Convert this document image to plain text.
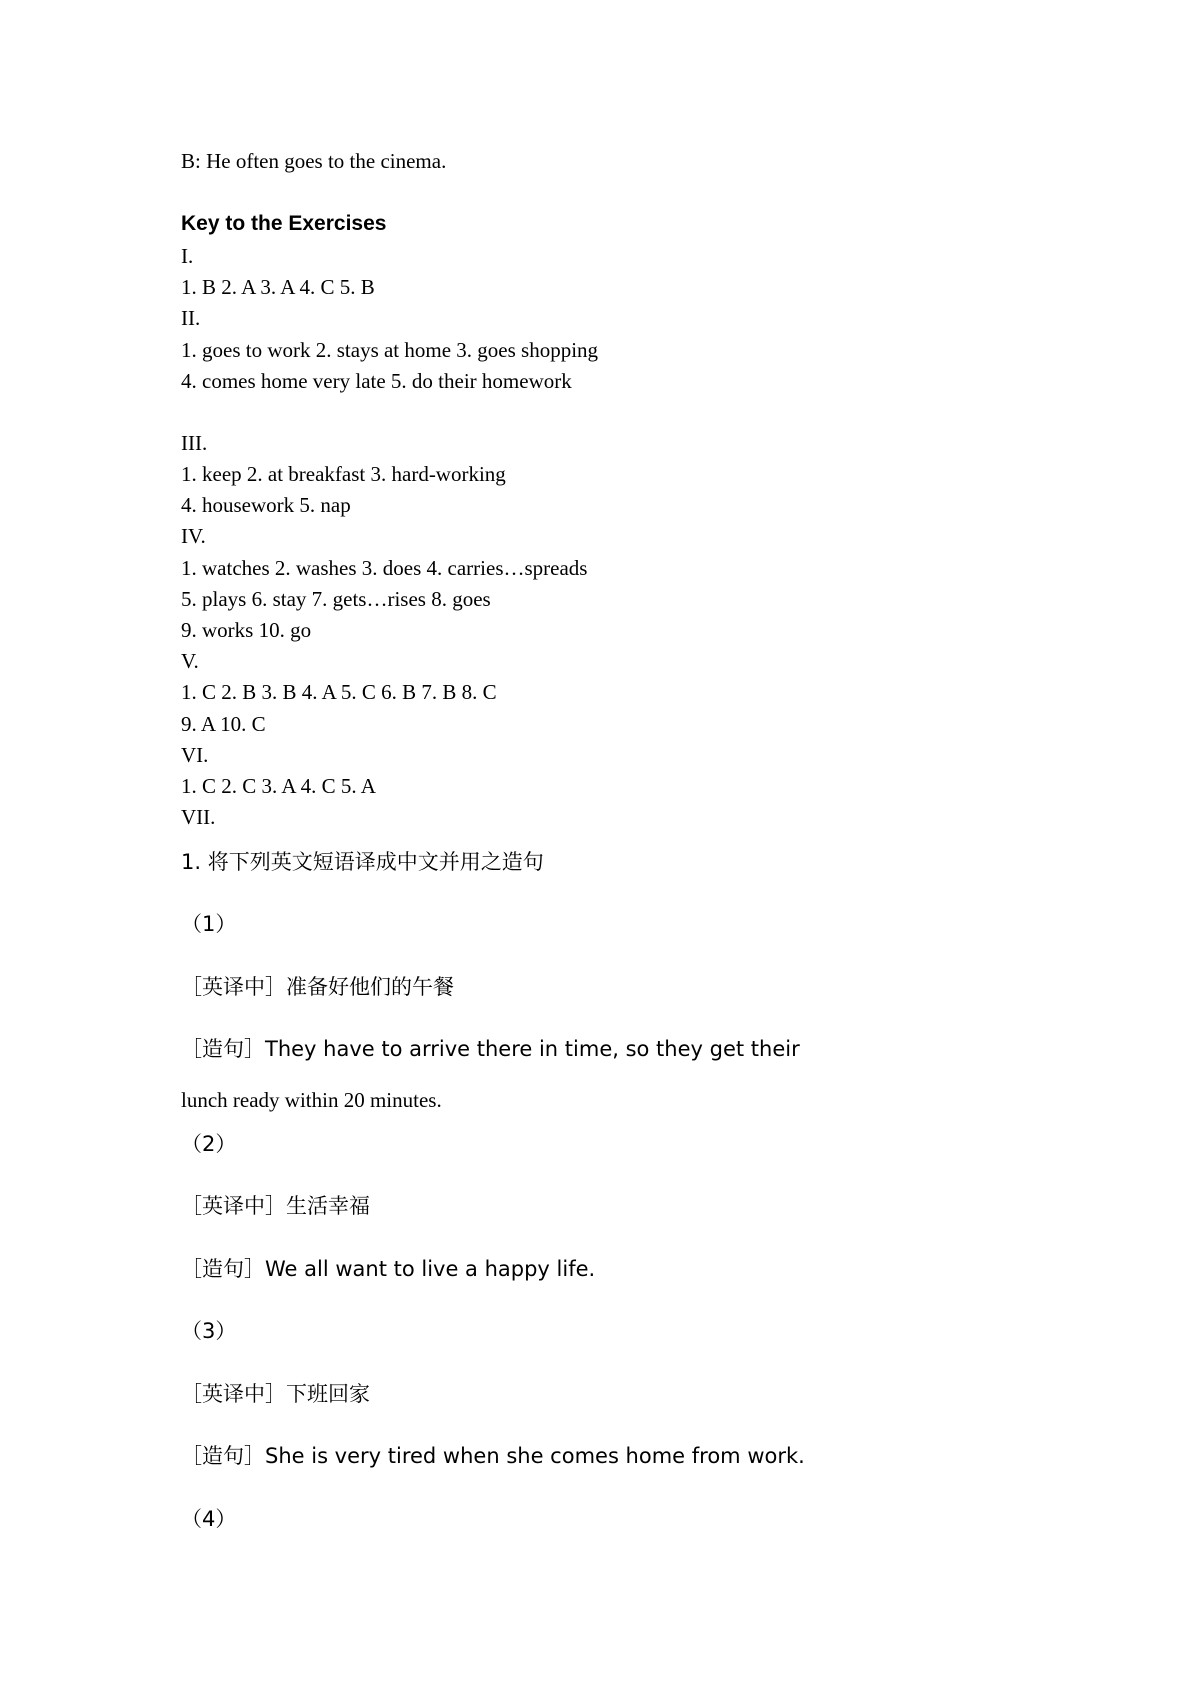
B: He often goes to the cinema.
Key to the Exercises
I.
1. B 2. A 3. A 4. C 5. B
II.
1. goes to work 2. stays at home 3. goes shopping
4. comes home very late 5. do their homework
III.
1. keep 2. at breakfast 3. hard-working
4. housework 5. nap
IV.
1. watches 2. washes 3. does 4. carries…spreads
5. plays 6. stay 7. gets…rises 8. goes
9. works 10. go
V.
1. C 2. B 3. B 4. A 5. C 6. B 7. B 8. C
9. A 10. C
VI.
1. C 2. C 3. A 4. C 5. A
VII.
1. 将下列英文短语译成中文并用之造句
（1）
［英译中］准备好他们的午餐
［造句］They have to arrive there in time, so they get their
lunch ready within 20 minutes.
（2）
［英译中］生活幸福
［造句］We all want to live a happy life.
（3）
［英译中］下班回家
［造句］She is very tired when she comes home from work.
（4）
